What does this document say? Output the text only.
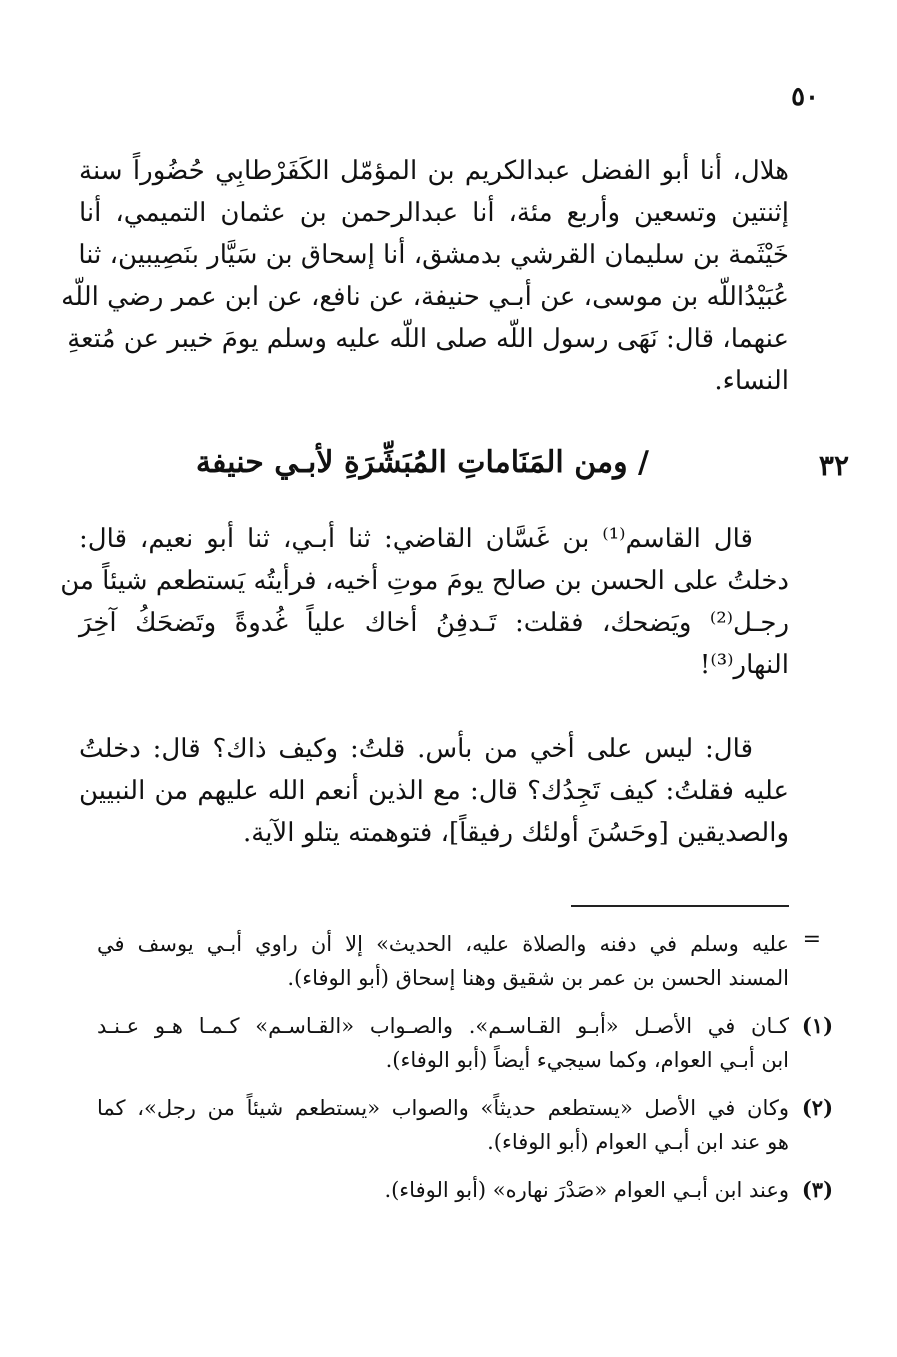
٥٠

هلال، أنا أبو الفضل عبدالكريم بن المؤمّل الكَفَرْطابِي حُضُوراً سنة
إثنتين وتسعين وأربع مئة، أنا عبدالرحمن بن عثمان التميمي، أنا
خَيْثَمة بن سليمان القرشي بدمشق، أنا إسحاق بن سَيَّار بنَصِيبين، ثنا
عُبَيْدُاللّه بن موسى، عن أبـي حنيفة، عن نافع، عن ابن عمر رضي اللّه
عنهما، قال: نَهَى رسول اللّه صلى اللّه عليه وسلم يومَ خيبر عن مُتعةِ
النساء.

٣٢

/ ومن المَنَاماتِ المُبَشِّرَةِ لأبـي حنيفة
قال القاسم⁽¹⁾ بن غَسَّان القاضي: ثنا أبـي، ثنا أبو نعيم، قال:
دخلتُ على الحسن بن صالح يومَ موتِ أخيه، فرأيتُه يَستطعم شيئاً من
رجـل⁽²⁾ ويَضحك، فقلت: تَـدفِنُ أخاك علياً غُدوةً وتَضحَكُ آخِرَ
النهار⁽³⁾!
قال: ليس على أخي من بأس. قلتُ: وكيف ذاك؟ قال: دخلتُ
عليه فقلتُ: كيف تَجِدُك؟ قال: مع الذين أنعم الله عليهم من النبيين
والصديقين [وحَسُنَ أولئك رفيقاً]، فتوهمته يتلو الآية.
=
عليه وسلم في دفنه والصلاة عليه، الحديث» إلا أن راوي أبـي يوسف في
المسند الحسن بن عمر بن شقيق وهنا إسحاق (أبو الوفاء).
(١)
كـان في الأصـل «أبـو القـاسـم». والصـواب «القـاسـم» كـمـا هـو عـنـد
ابن أبـي العوام، وكما سيجيء أيضاً (أبو الوفاء).
(٢)
وكان في الأصل «يستطعم حديثاً» والصواب «يستطعم شيئاً من رجل»، كما
هو عند ابن أبـي العوام (أبو الوفاء).
(٣)
وعند ابن أبـي العوام «صَدْرَ نهاره» (أبو الوفاء).
